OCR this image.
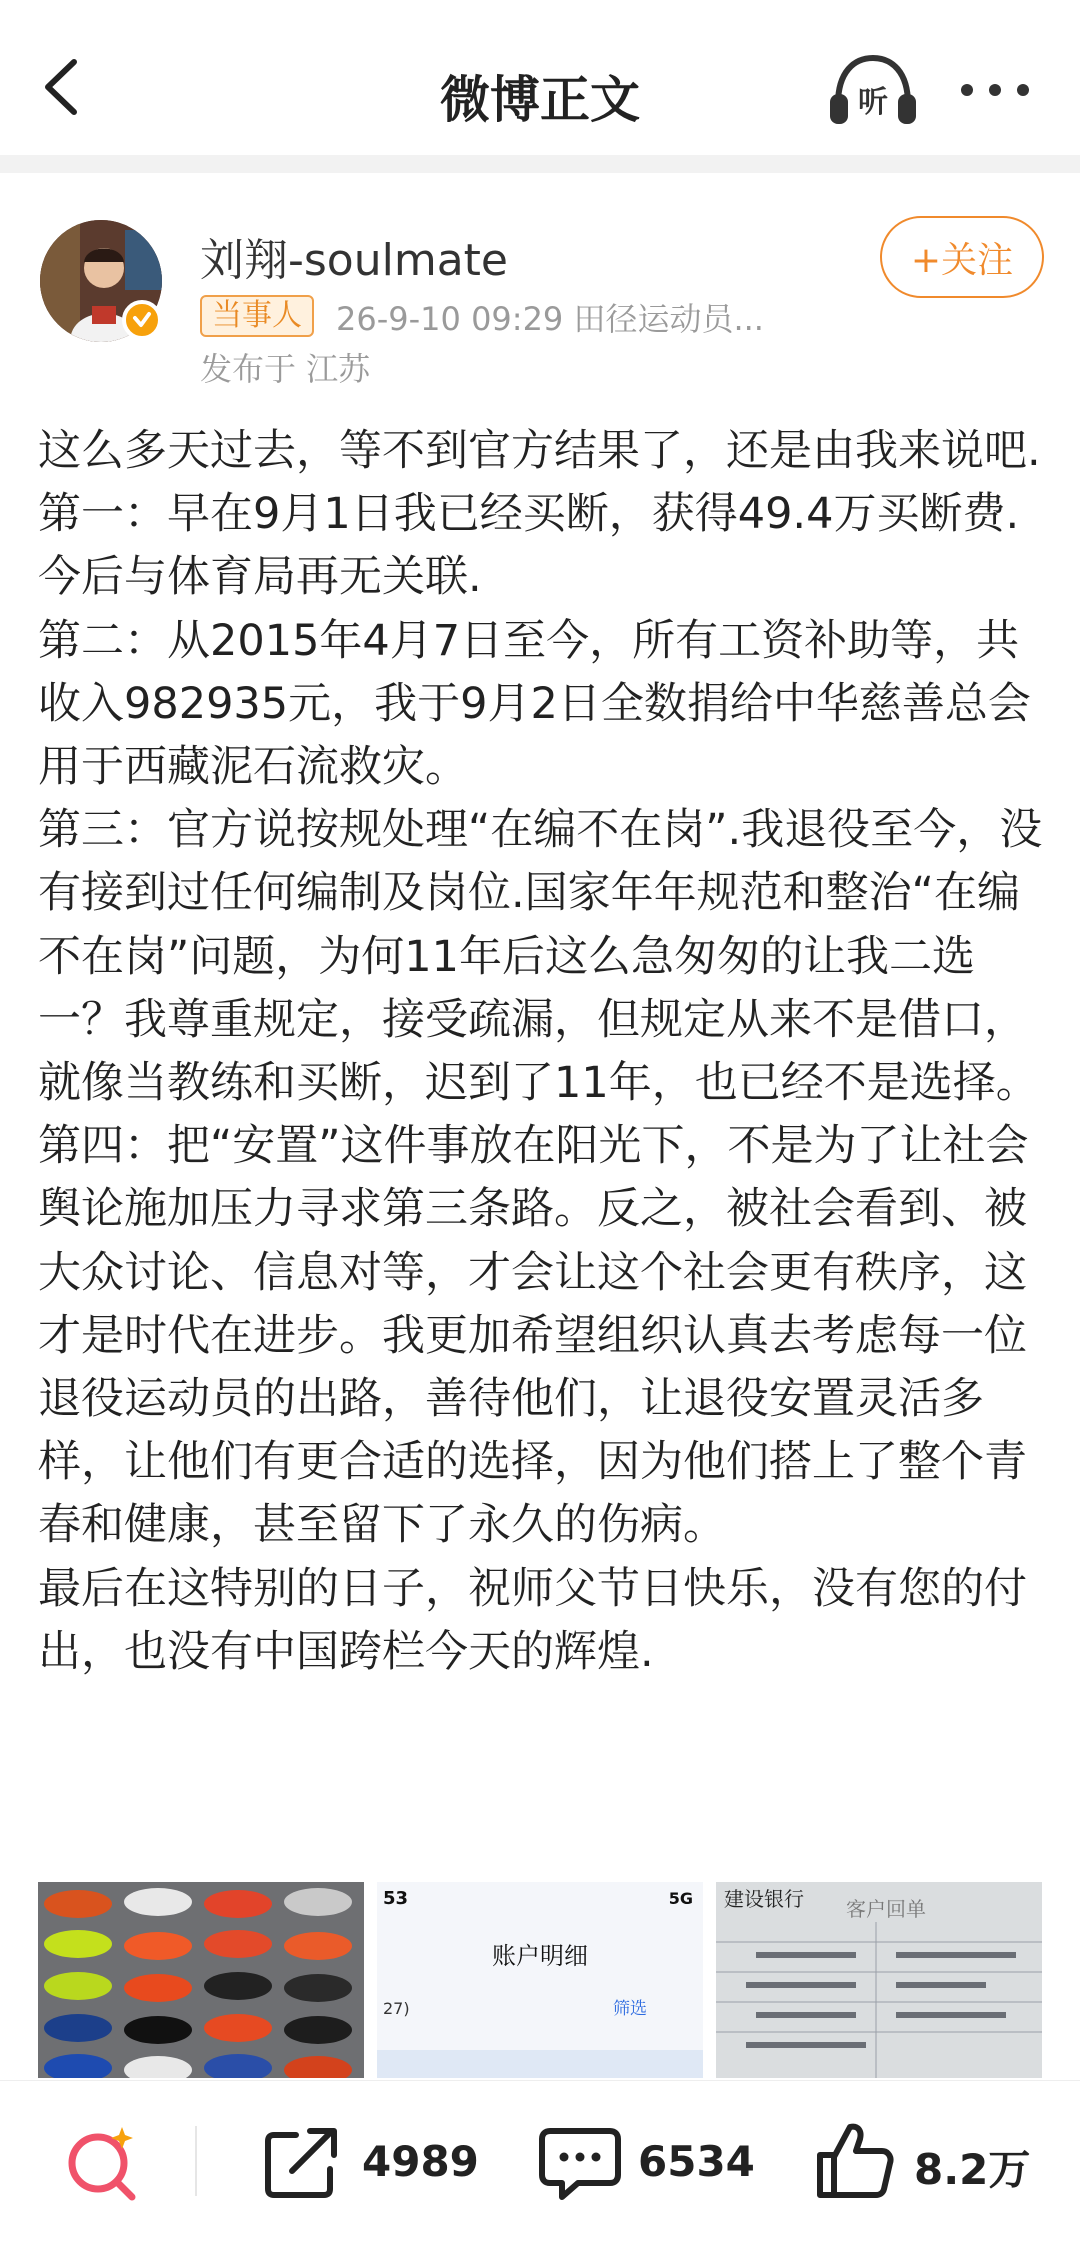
微博正文	听
刘翔-soulmate	+关注
当事人	26-9-10 09:29 田径运动员...
发布于 江苏

这么多天过去，等不到官方结果了，还是由我来说吧.

第一：早在9月1日我已经买断，获得49.4万买断费.今后与体育局再无关联.

第二：从2015年4月7日至今，所有工资补助等，共收入982935元，我于9月2日全数捐给中华慈善总会用于西藏泥石流救灾。

第三：官方说按规处理“在编不在岗”.我退役至今，没有接到过任何编制及岗位.国家年年规范和整治“在编不在岗”问题，为何11年后这么急匆匆的让我二选一？我尊重规定，接受疏漏，但规定从来不是借口，就像当教练和买断，迟到了11年，也已经不是选择。

第四：把“安置”这件事放在阳光下，不是为了让社会舆论施加压力寻求第三条路。反之，被社会看到、被大众讨论、信息对等，才会让这个社会更有秩序，这才是时代在进步。我更加希望组织认真去考虑每一位退役运动员的出路，善待他们，让退役安置灵活多样，让他们有更合适的选择，因为他们搭上了整个青春和健康，甚至留下了永久的伤病。

最后在这特别的日子，祝师父节日快乐，没有您的付出，也没有中国跨栏今天的辉煌.

53	5G
账户明细
27)	筛选
建设银行 客户回单
4989	6534	8.2万
